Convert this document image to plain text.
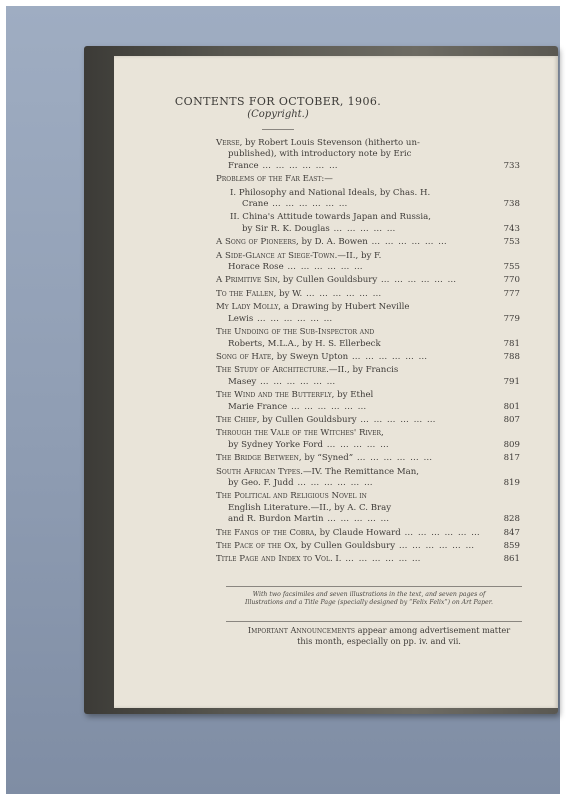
CONTENTS FOR OCTOBER, 1906.
(Copyright.)
Verse, by Robert Louis Stevenson (hitherto un-
published), with introductory note by Eric
France … … … … … …	733
Problems of the Far East:—
I. Philosophy and National Ideals, by Chas. H.
Crane … … … … … …	738
II. China's Attitude towards Japan and Russia,
by Sir R. K. Douglas … … … … …	743
A Song of Pioneers, by D. A. Bowen … … … … … …	753
A Side-Glance at Siege-Town.—II., by F.
Horace Rose … … … … … …	755
A Primitive Sin, by Cullen Gouldsbury … … … … … …	770
To the Fallen, by W. … … … … … …	777
My Lady Molly, a Drawing by Hubert Neville
Lewis … … … … … …	779
The Undoing of the Sub-Inspector and
Roberts, M.L.A., by H. S. Ellerbeck	781
Song of Hate, by Sweyn Upton … … … … … …	788
The Study of Architecture.—II., by Francis
Masey … … … … … …	791
The Wind and the Butterfly, by Ethel
Marie France … … … … … …	801
The Chief, by Cullen Gouldsbury … … … … … …	807
Through the Vale of the Witches' River,
by Sydney Yorke Ford … … … … …	809
The Bridge Between, by “Syned” … … … … … …	817
South African Types.—IV. The Remittance Man,
by Geo. F. Judd … … … … … …	819
The Political and Religious Novel in
English Literature.—II., by A. C. Bray
and R. Burdon Martin … … … … …	828
The Fangs of the Cobra, by Claude Howard … … … … … …	847
The Pace of the Ox, by Cullen Gouldsbury … … … … … …	859
Title Page and Index to Vol. I. … … … … … …	861
With two facsimiles and seven illustrations in the text, and seven pages of Illustrations and a Title Page (specially designed by “Felix Felix”) on Art Paper.
Important Announcements appear among advertisement matter this month, especially on pp. iv. and vii.
